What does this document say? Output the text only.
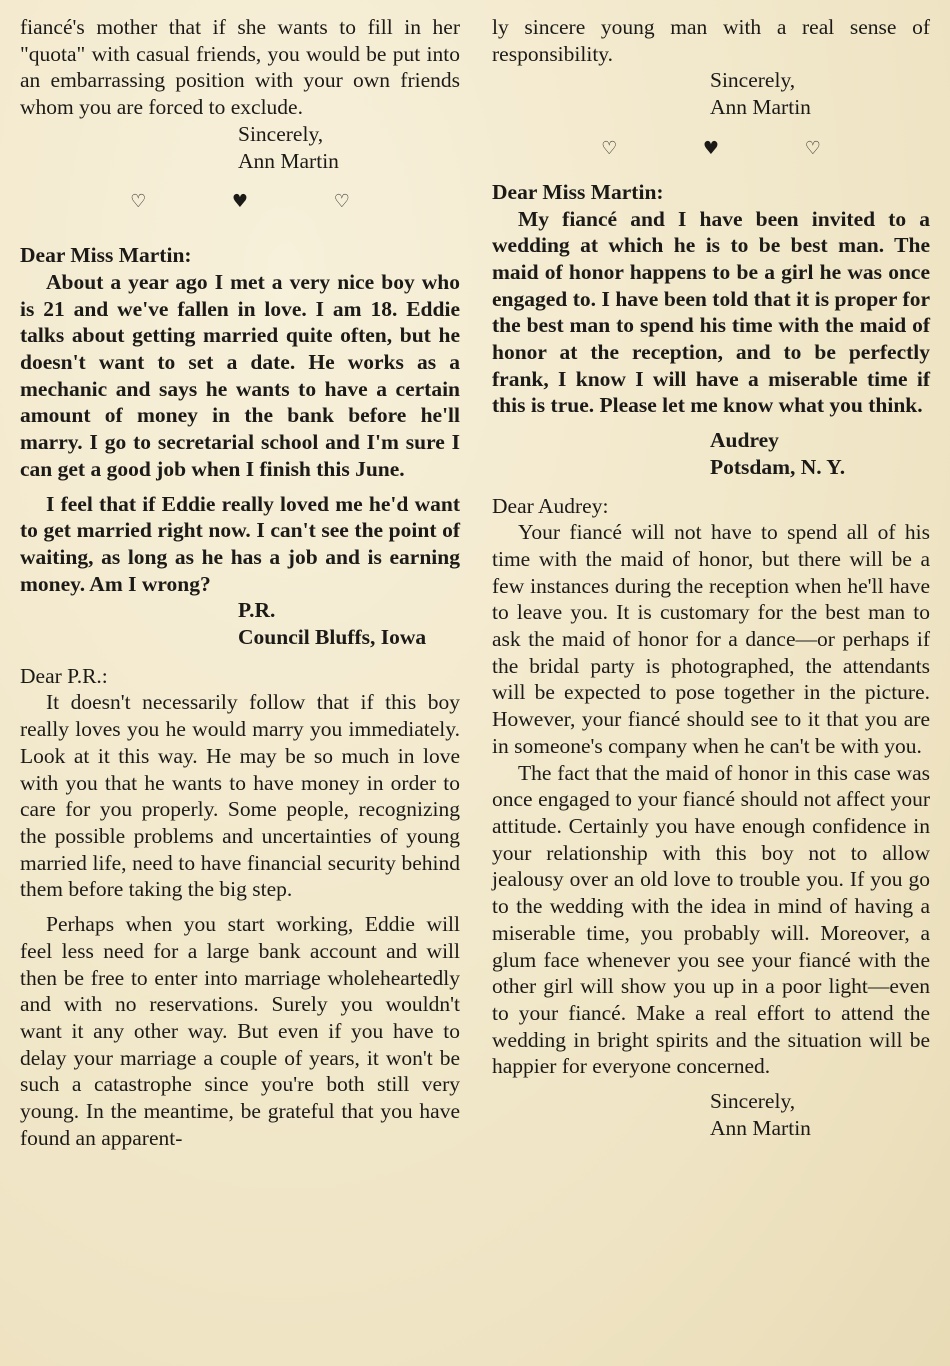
fiancé's mother that if she wants to fill in her "quota" with casual friends, you would be put into an embarrassing position with your own friends whom you are forced to exclude.

Sincerely,

Ann Martin

♡ ♥ ♡

Dear Miss Martin:

About a year ago I met a very nice boy who is 21 and we've fallen in love. I am 18. Eddie talks about getting married quite often, but he doesn't want to set a date. He works as a mechanic and says he wants to have a certain amount of money in the bank before he'll marry. I go to secretarial school and I'm sure I can get a good job when I finish this June.

I feel that if Eddie really loved me he'd want to get married right now. I can't see the point of waiting, as long as he has a job and is earning money. Am I wrong?

P.R.

Council Bluffs, Iowa

Dear P.R.:

It doesn't necessarily follow that if this boy really loves you he would marry you immediately. Look at it this way. He may be so much in love with you that he wants to have money in order to care for you properly. Some people, recognizing the possible problems and uncertainties of young married life, need to have financial security behind them before taking the big step.

Perhaps when you start working, Eddie will feel less need for a large bank account and will then be free to enter into marriage wholeheartedly and with no reservations. Surely you wouldn't want it any other way. But even if you have to delay your marriage a couple of years, it won't be such a catastrophe since you're both still very young. In the meantime, be grateful that you have found an apparent-

ly sincere young man with a real sense of responsibility.

Sincerely,

Ann Martin

♡ ♥ ♡

Dear Miss Martin:

My fiancé and I have been invited to a wedding at which he is to be best man. The maid of honor happens to be a girl he was once engaged to. I have been told that it is proper for the best man to spend his time with the maid of honor at the reception, and to be perfectly frank, I know I will have a miserable time if this is true. Please let me know what you think.

Audrey

Potsdam, N. Y.

Dear Audrey:

Your fiancé will not have to spend all of his time with the maid of honor, but there will be a few instances during the reception when he'll have to leave you. It is customary for the best man to ask the maid of honor for a dance—or perhaps if the bridal party is photographed, the attendants will be expected to pose together in the picture. However, your fiancé should see to it that you are in someone's company when he can't be with you.

The fact that the maid of honor in this case was once engaged to your fiancé should not affect your attitude. Certainly you have enough confidence in your relationship with this boy not to allow jealousy over an old love to trouble you. If you go to the wedding with the idea in mind of having a miserable time, you probably will. Moreover, a glum face whenever you see your fiancé with the other girl will show you up in a poor light—even to your fiancé. Make a real effort to attend the wedding in bright spirits and the situation will be happier for everyone concerned.

Sincerely,

Ann Martin
